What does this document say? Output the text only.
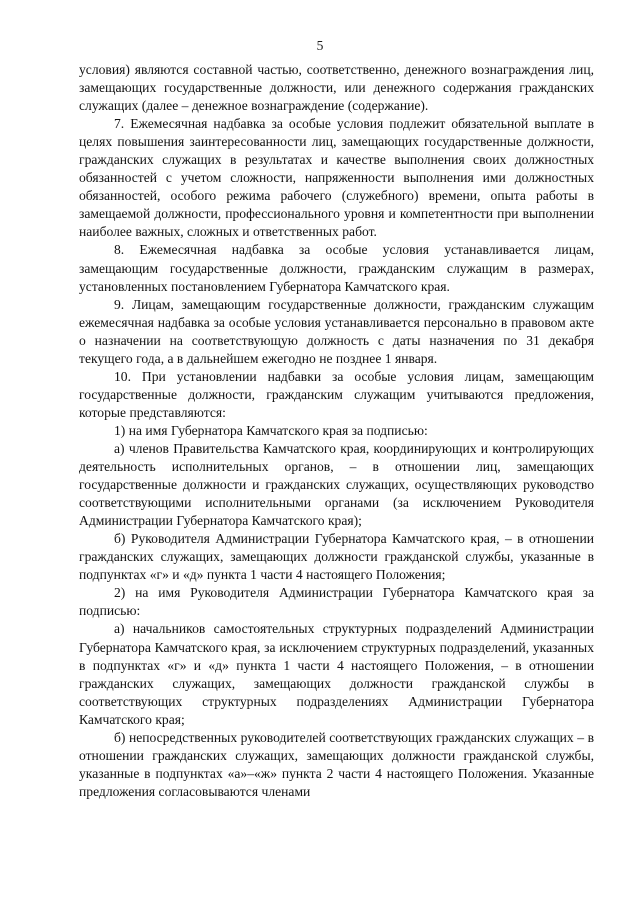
5

условия) являются составной частью, соответственно, денежного вознаграждения лиц, замещающих государственные должности, или денежного содержания гражданских служащих (далее – денежное вознаграждение (содержание).

7. Ежемесячная надбавка за особые условия подлежит обязательной выплате в целях повышения заинтересованности лиц, замещающих государственные должности, гражданских служащих в результатах и качестве выполнения своих должностных обязанностей с учетом сложности, напряженности выполнения ими должностных обязанностей, особого режима рабочего (служебного) времени, опыта работы в замещаемой должности, профессионального уровня и компетентности при выполнении наиболее важных, сложных и ответственных работ.

8. Ежемесячная надбавка за особые условия устанавливается лицам, замещающим государственные должности, гражданским служащим в размерах, установленных постановлением Губернатора Камчатского края.

9. Лицам, замещающим государственные должности, гражданским служащим ежемесячная надбавка за особые условия устанавливается персонально в правовом акте о назначении на соответствующую должность с даты назначения по 31 декабря текущего года, а в дальнейшем ежегодно не позднее 1 января.

10. При установлении надбавки за особые условия лицам, замещающим государственные должности, гражданским служащим учитываются предложения, которые представляются:

1) на имя Губернатора Камчатского края за подписью:

а) членов Правительства Камчатского края, координирующих и контролирующих деятельность исполнительных органов, – в отношении лиц, замещающих государственные должности и гражданских служащих, осуществляющих руководство соответствующими исполнительными органами (за исключением Руководителя Администрации Губернатора Камчатского края);

б) Руководителя Администрации Губернатора Камчатского края, – в отношении гражданских служащих, замещающих должности гражданской службы, указанные в подпунктах «г» и «д» пункта 1 части 4 настоящего Положения;

2) на имя Руководителя Администрации Губернатора Камчатского края за подписью:

а) начальников самостоятельных структурных подразделений Администрации Губернатора Камчатского края, за исключением структурных подразделений, указанных в подпунктах «г» и «д» пункта 1 части 4 настоящего Положения, – в отношении гражданских служащих, замещающих должности гражданской службы в соответствующих структурных подразделениях Администрации Губернатора Камчатского края;

б) непосредственных руководителей соответствующих гражданских служащих – в отношении гражданских служащих, замещающих должности гражданской службы, указанные в подпунктах «а»–«ж» пункта 2 части 4 настоящего Положения. Указанные предложения согласовываются членами
